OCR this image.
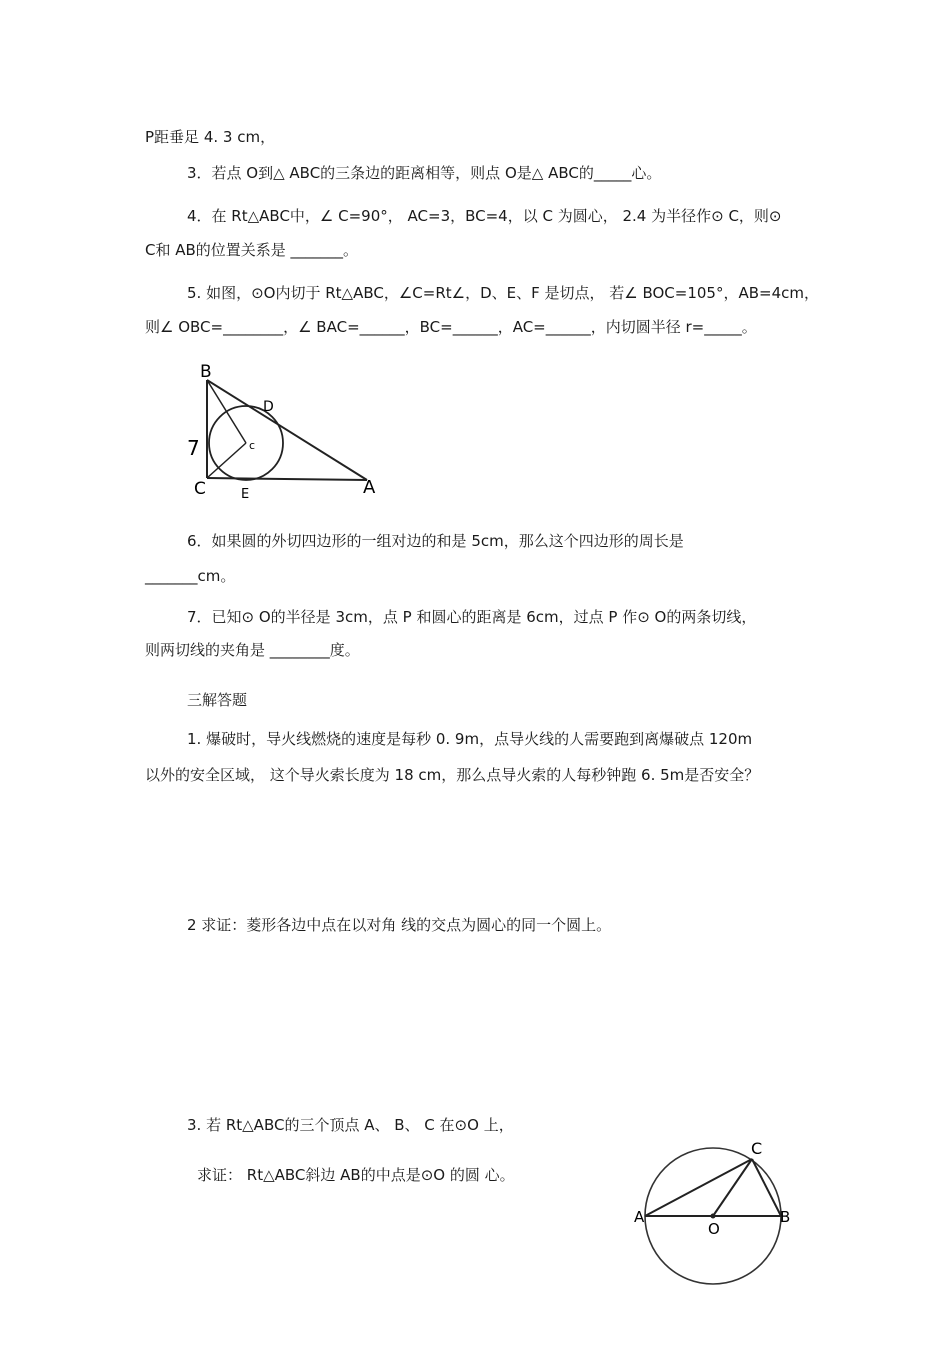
P距垂足 4. 3 cm，
3．若点 O到△ ABC的三条边的距离相等，则点 O是△ ABC的_____心。
4．在 Rt△ABC中，∠ C=90°， AC=3，BC=4，以 C 为圆心， 2.4 为半径作⊙ C，则⊙
C和 AB的位置关系是 _______。
5. 如图，⊙O内切于 Rt△ABC，∠C=Rt∠，D、E、F 是切点， 若∠ BOC=105°，AB=4cm，
则∠ OBC=________，∠ BAC=______，BC=______，AC=______，内切圆半径 r=_____。
B
D
7	c
C	E	A
6．如果圆的外切四边形的一组对边的和是 5cm，那么这个四边形的周长是
_______cm。
7．已知⊙ O的半径是 3cm，点 P 和圆心的距离是 6cm，过点 P 作⊙ O的两条切线，
则两切线的夹角是 ________度。
三解答题
1. 爆破时，导火线燃烧的速度是每秒 0. 9m，点导火线的人需要跑到离爆破点 120m
以外的安全区域， 这个导火索长度为 18 cm，那么点导火索的人每秒钟跑 6. 5m是否安全？
2 求证：菱形各边中点在以对角 线的交点为圆心的同一个圆上。
3. 若 Rt△ABC的三个顶点 A、 B、 C 在⊙O 上，
求证： Rt△ABC斜边 AB的中点是⊙O 的圆 心。
C
A
O
B
